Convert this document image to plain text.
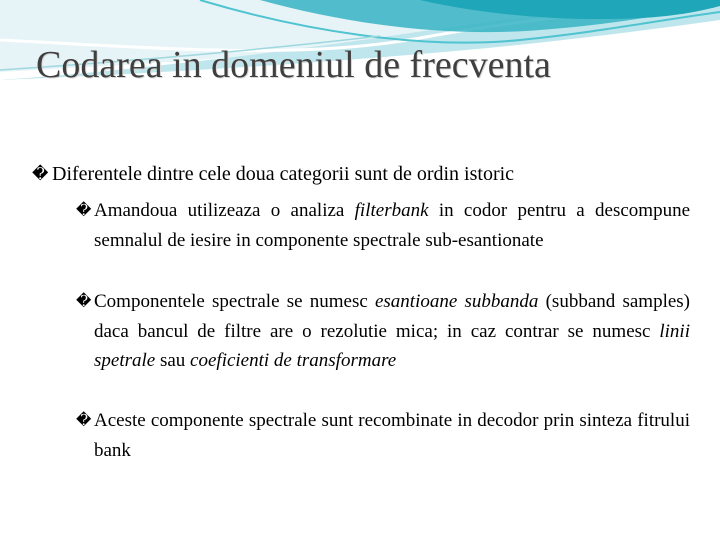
Codarea in domeniul de frecventa
� Diferentele dintre cele doua categorii sunt de ordin istoric
� Amandoua utilizeaza o analiza filterbank in codor pentru a descompune semnalul de iesire in componente spectrale sub-esantionate
� Componentele spectrale se numesc esantioane subbanda (subband samples) daca bancul de filtre are o rezolutie mica; in caz contrar se numesc linii spetrale sau coeficienti de transformare
� Aceste componente spectrale sunt recombinate in decodor prin sinteza fitrului bank
